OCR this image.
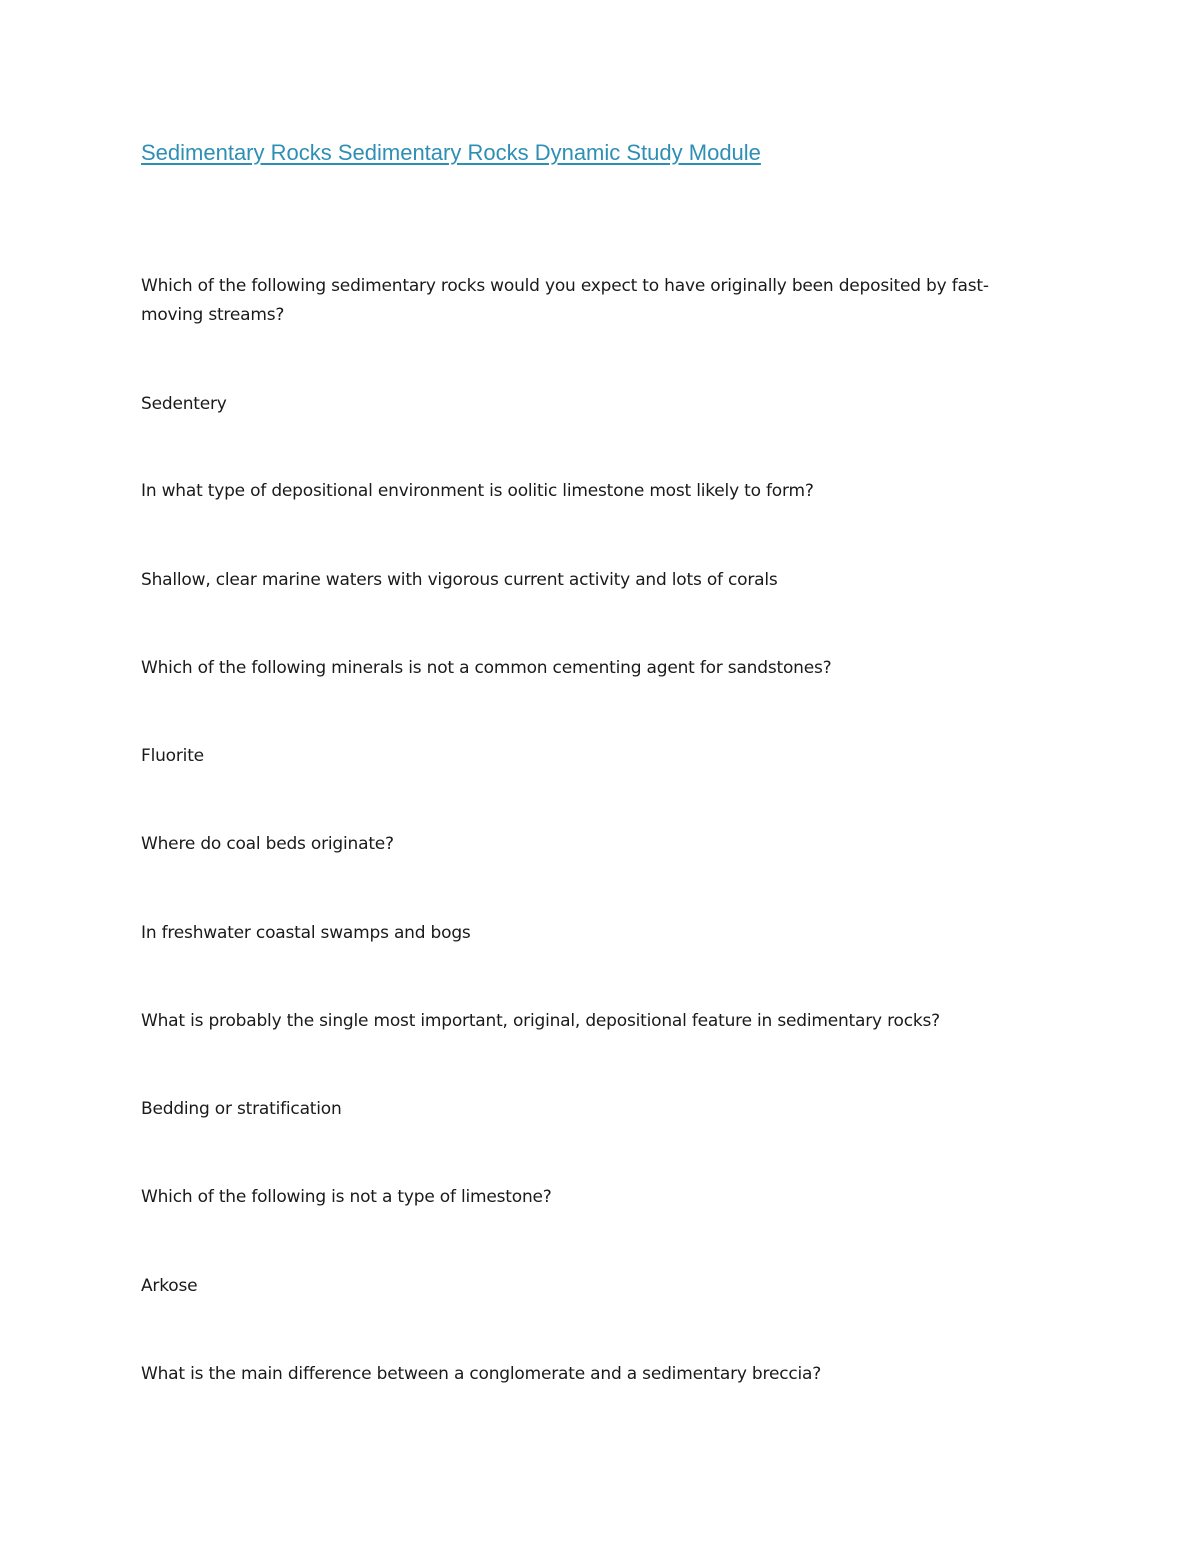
Sedimentary Rocks Sedimentary Rocks Dynamic Study Module
Which of the following sedimentary rocks would you expect to have originally been deposited by fast-
moving streams?
Sedentery
In what type of depositional environment is oolitic limestone most likely to form?
Shallow, clear marine waters with vigorous current activity and lots of corals
Which of the following minerals is not a common cementing agent for sandstones?
Fluorite
Where do coal beds originate?
In freshwater coastal swamps and bogs
What is probably the single most important, original, depositional feature in sedimentary rocks?
Bedding or stratification
Which of the following is not a type of limestone?
Arkose
What is the main difference between a conglomerate and a sedimentary breccia?
